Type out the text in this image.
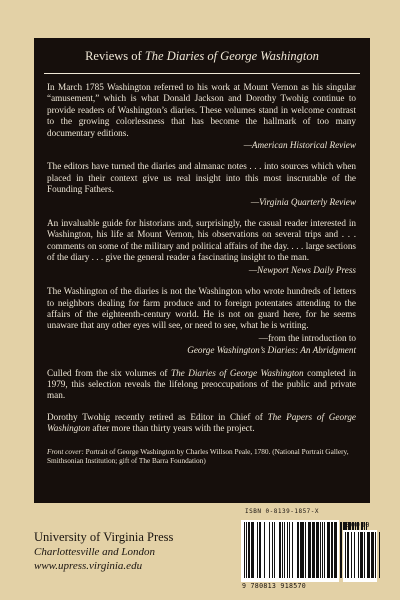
Reviews of The Diaries of George Washington

In March 1785 Washington referred to his work at Mount Vernon as his singular “amusement,” which is what Donald Jackson and Dorothy Twohig continue to provide readers of Washington’s diaries. These volumes stand in welcome contrast to the growing colorlessness that has become the hallmark of too many documentary editions.

—American Historical Review

The editors have turned the diaries and almanac notes . . . into sources which when placed in their context give us real insight into this most inscrutable of the Founding Fathers.

—Virginia Quarterly Review

An invaluable guide for historians and, surprisingly, the casual reader interested in Washington, his life at Mount Vernon, his observations on several trips and . . . comments on some of the military and political affairs of the day. . . . large sections of the diary . . . give the general reader a fascinating insight to the man.

—Newport News Daily Press

The Washington of the diaries is not the Washington who wrote hundreds of letters to neighbors dealing for farm produce and to foreign potentates attending to the affairs of the eighteenth-century world. He is not on guard here, for he seems unaware that any other eyes will see, or need to see, what he is writing.

—from the introduction to
George Washington’s Diaries: An Abridgment

Culled from the six volumes of The Diaries of George Washington completed in 1979, this selection reveals the lifelong preoccupations of the public and private man.

Dorothy Twohig recently retired as Editor in Chief of The Papers of George Washington after more than thirty years with the project.

Front cover: Portrait of George Washington by Charles Willson Peale, 1780. (National Portrait Gallery, Smithsonian Institution; gift of The Barra Foundation)

University of Virginia Press
Charlottesville and London
www.upress.virginia.edu
ISBN 0-8139-1857-X
90000
9 780813 918570
